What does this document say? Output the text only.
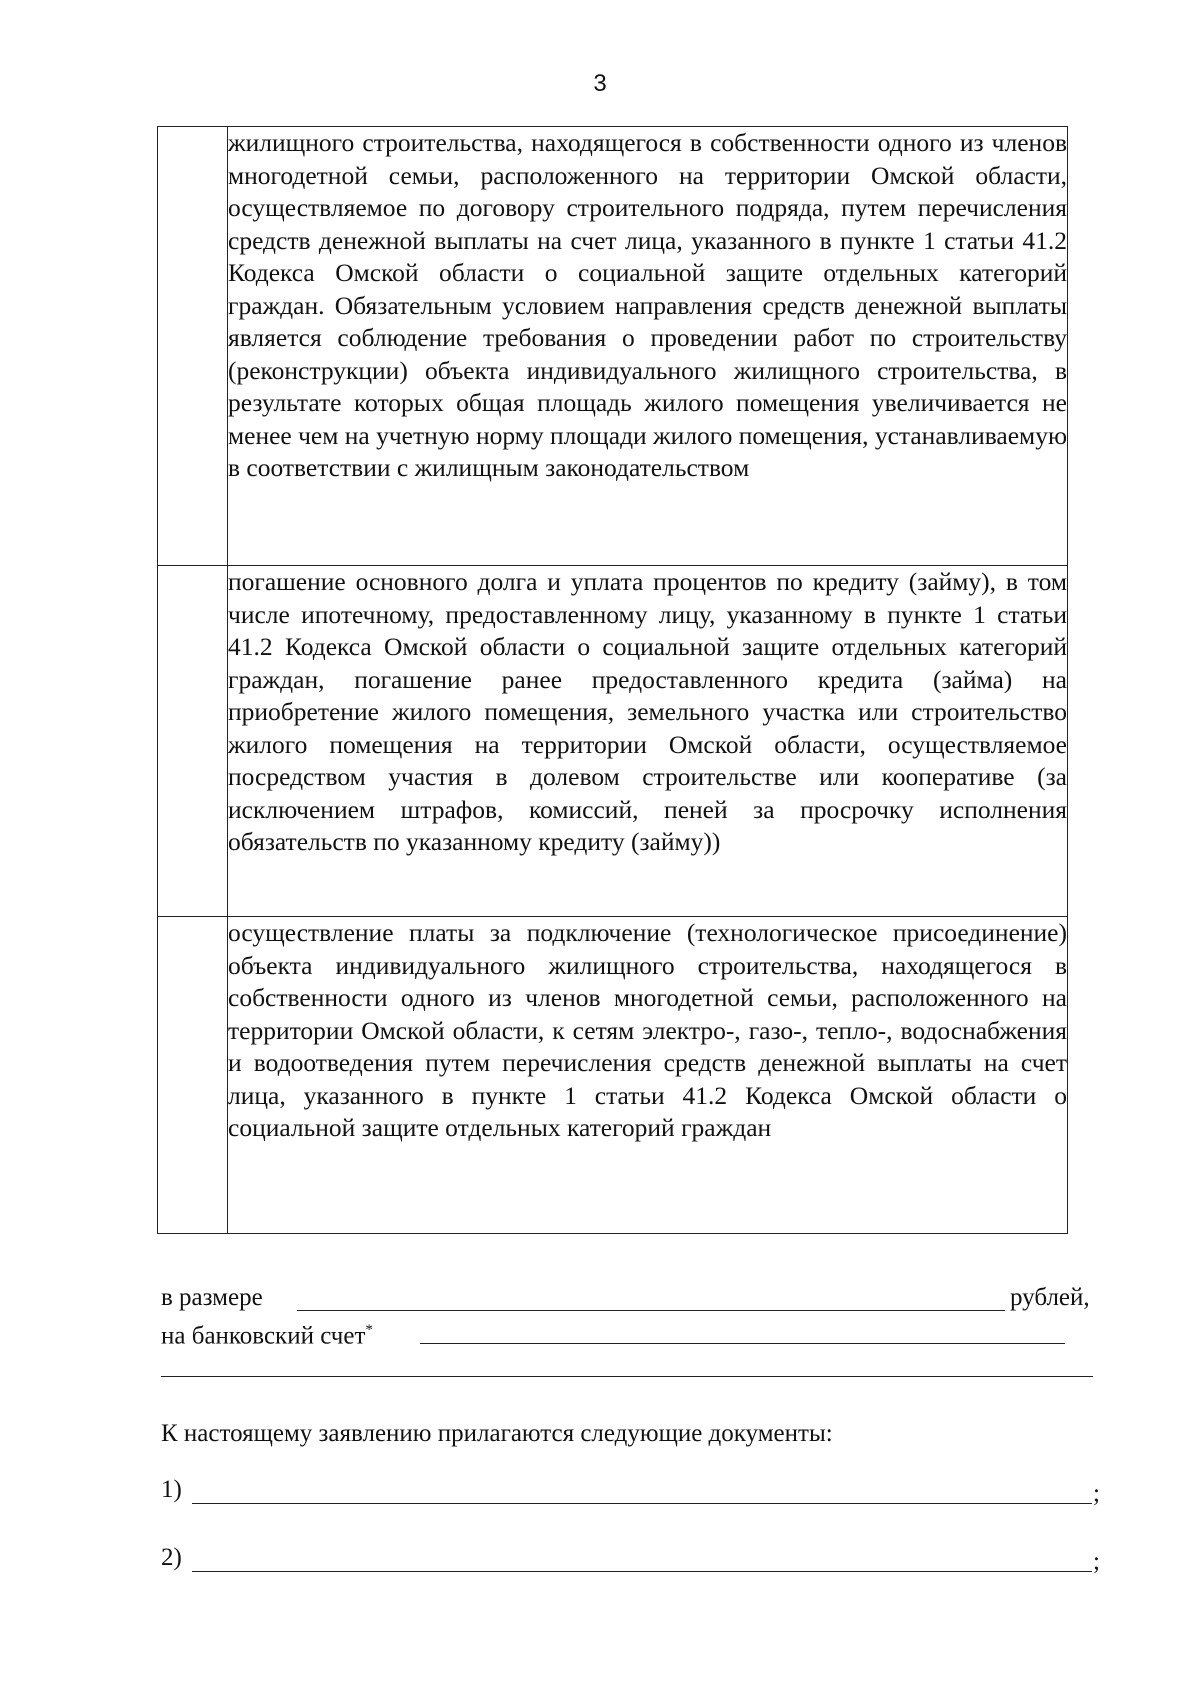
3
	жилищного строительства, находящегося в собственности одного из членов многодетной семьи, расположенного на территории Омской области, осуществляемое по договору строительного подряда, путем перечисления средств денежной выплаты на счет лица, указанного в пункте 1 статьи 41.2 Кодекса Омской области о социальной защите отдельных категорий граждан. Обязательным условием направления средств денежной выплаты является соблюдение требования о проведении работ по строительству (реконструкции) объекта индивидуального жилищного строительства, в результате которых общая площадь жилого помещения увеличивается не менее чем на учетную норму площади жилого помещения, устанавливаемую в соответствии с жилищным законодательством
	погашение основного долга и уплата процентов по кредиту (займу), в том числе ипотечному, предоставленному лицу, указанному в пункте 1 статьи 41.2 Кодекса Омской области о социальной защите отдельных категорий граждан, погашение ранее предоставленного кредита (займа) на приобретение жилого помещения, земельного участка или строительство жилого помещения на территории Омской области, осуществляемое посредством участия в долевом строительстве или кооперативе (за исключением штрафов, комиссий, пеней за просрочку исполнения обязательств по указанному кредиту (займу))
	осуществление платы за подключение (технологическое присоединение) объекта индивидуального жилищного строительства, находящегося в собственности одного из членов многодетной семьи, расположенного на территории Омской области, к сетям электро-, газо-, тепло-, водоснабжения и водоотведения путем перечисления средств денежной выплаты на счет лица, указанного в пункте 1 статьи 41.2 Кодекса Омской области о социальной защите отдельных категорий граждан
в размере	рублей,
на банковский счет*
К настоящему заявлению прилагаются следующие документы:
1)	;
2)	;
